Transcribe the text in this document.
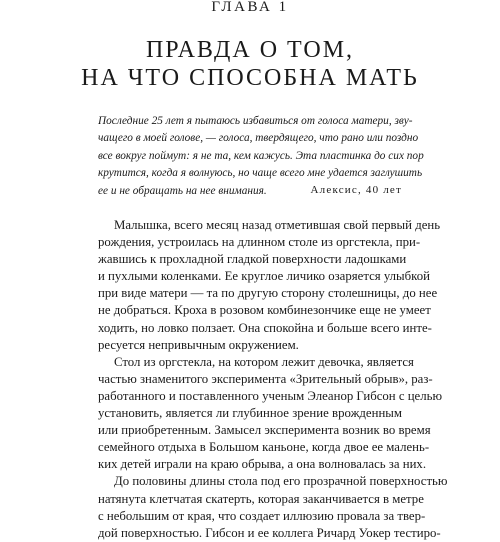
ГЛАВА 1
ПРАВДА О ТОМ,
НА ЧТО СПОСОБНА МАТЬ
Последние 25 лет я пытаюсь избавиться от голоса матери, зву-
чащего в моей голове, — голоса, твердящего, что рано или поздно
все вокруг поймут: я не та, кем кажусь. Эта пластинка до сих пор
крутится, когда я волнуюсь, но чаще всего мне удается заглушить
ее и не обращать на нее внимания.	Алексис, 40 лет
Малышка, всего месяц назад отметившая свой первый день
рождения, устроилась на длинном столе из оргстекла, при-
жавшись к прохладной гладкой поверхности ладошками
и пухлыми коленками. Ее круглое личико озаряется улыбкой
при виде матери — та по другую сторону столешницы, до нее
не добраться. Кроха в розовом комбинезончике еще не умеет
ходить, но ловко ползает. Она спокойна и больше всего инте-
ресуется непривычным окружением.
Стол из оргстекла, на котором лежит девочка, является
частью знаменитого эксперимента «Зрительный обрыв», раз-
работанного и поставленного ученым Элеанор Гибсон с целью
установить, является ли глубинное зрение врожденным
или приобретенным. Замысел эксперимента возник во время
семейного отдыха в Большом каньоне, когда двое ее малень-
ких детей играли на краю обрыва, а она волновалась за них.
До половины длины стола под его прозрачной поверхностью
натянута клетчатая скатерть, которая заканчивается в метре
с небольшим от края, что создает иллюзию провала за твер-
дой поверхностью. Гибсон и ее коллега Ричард Уокер тестиро-
